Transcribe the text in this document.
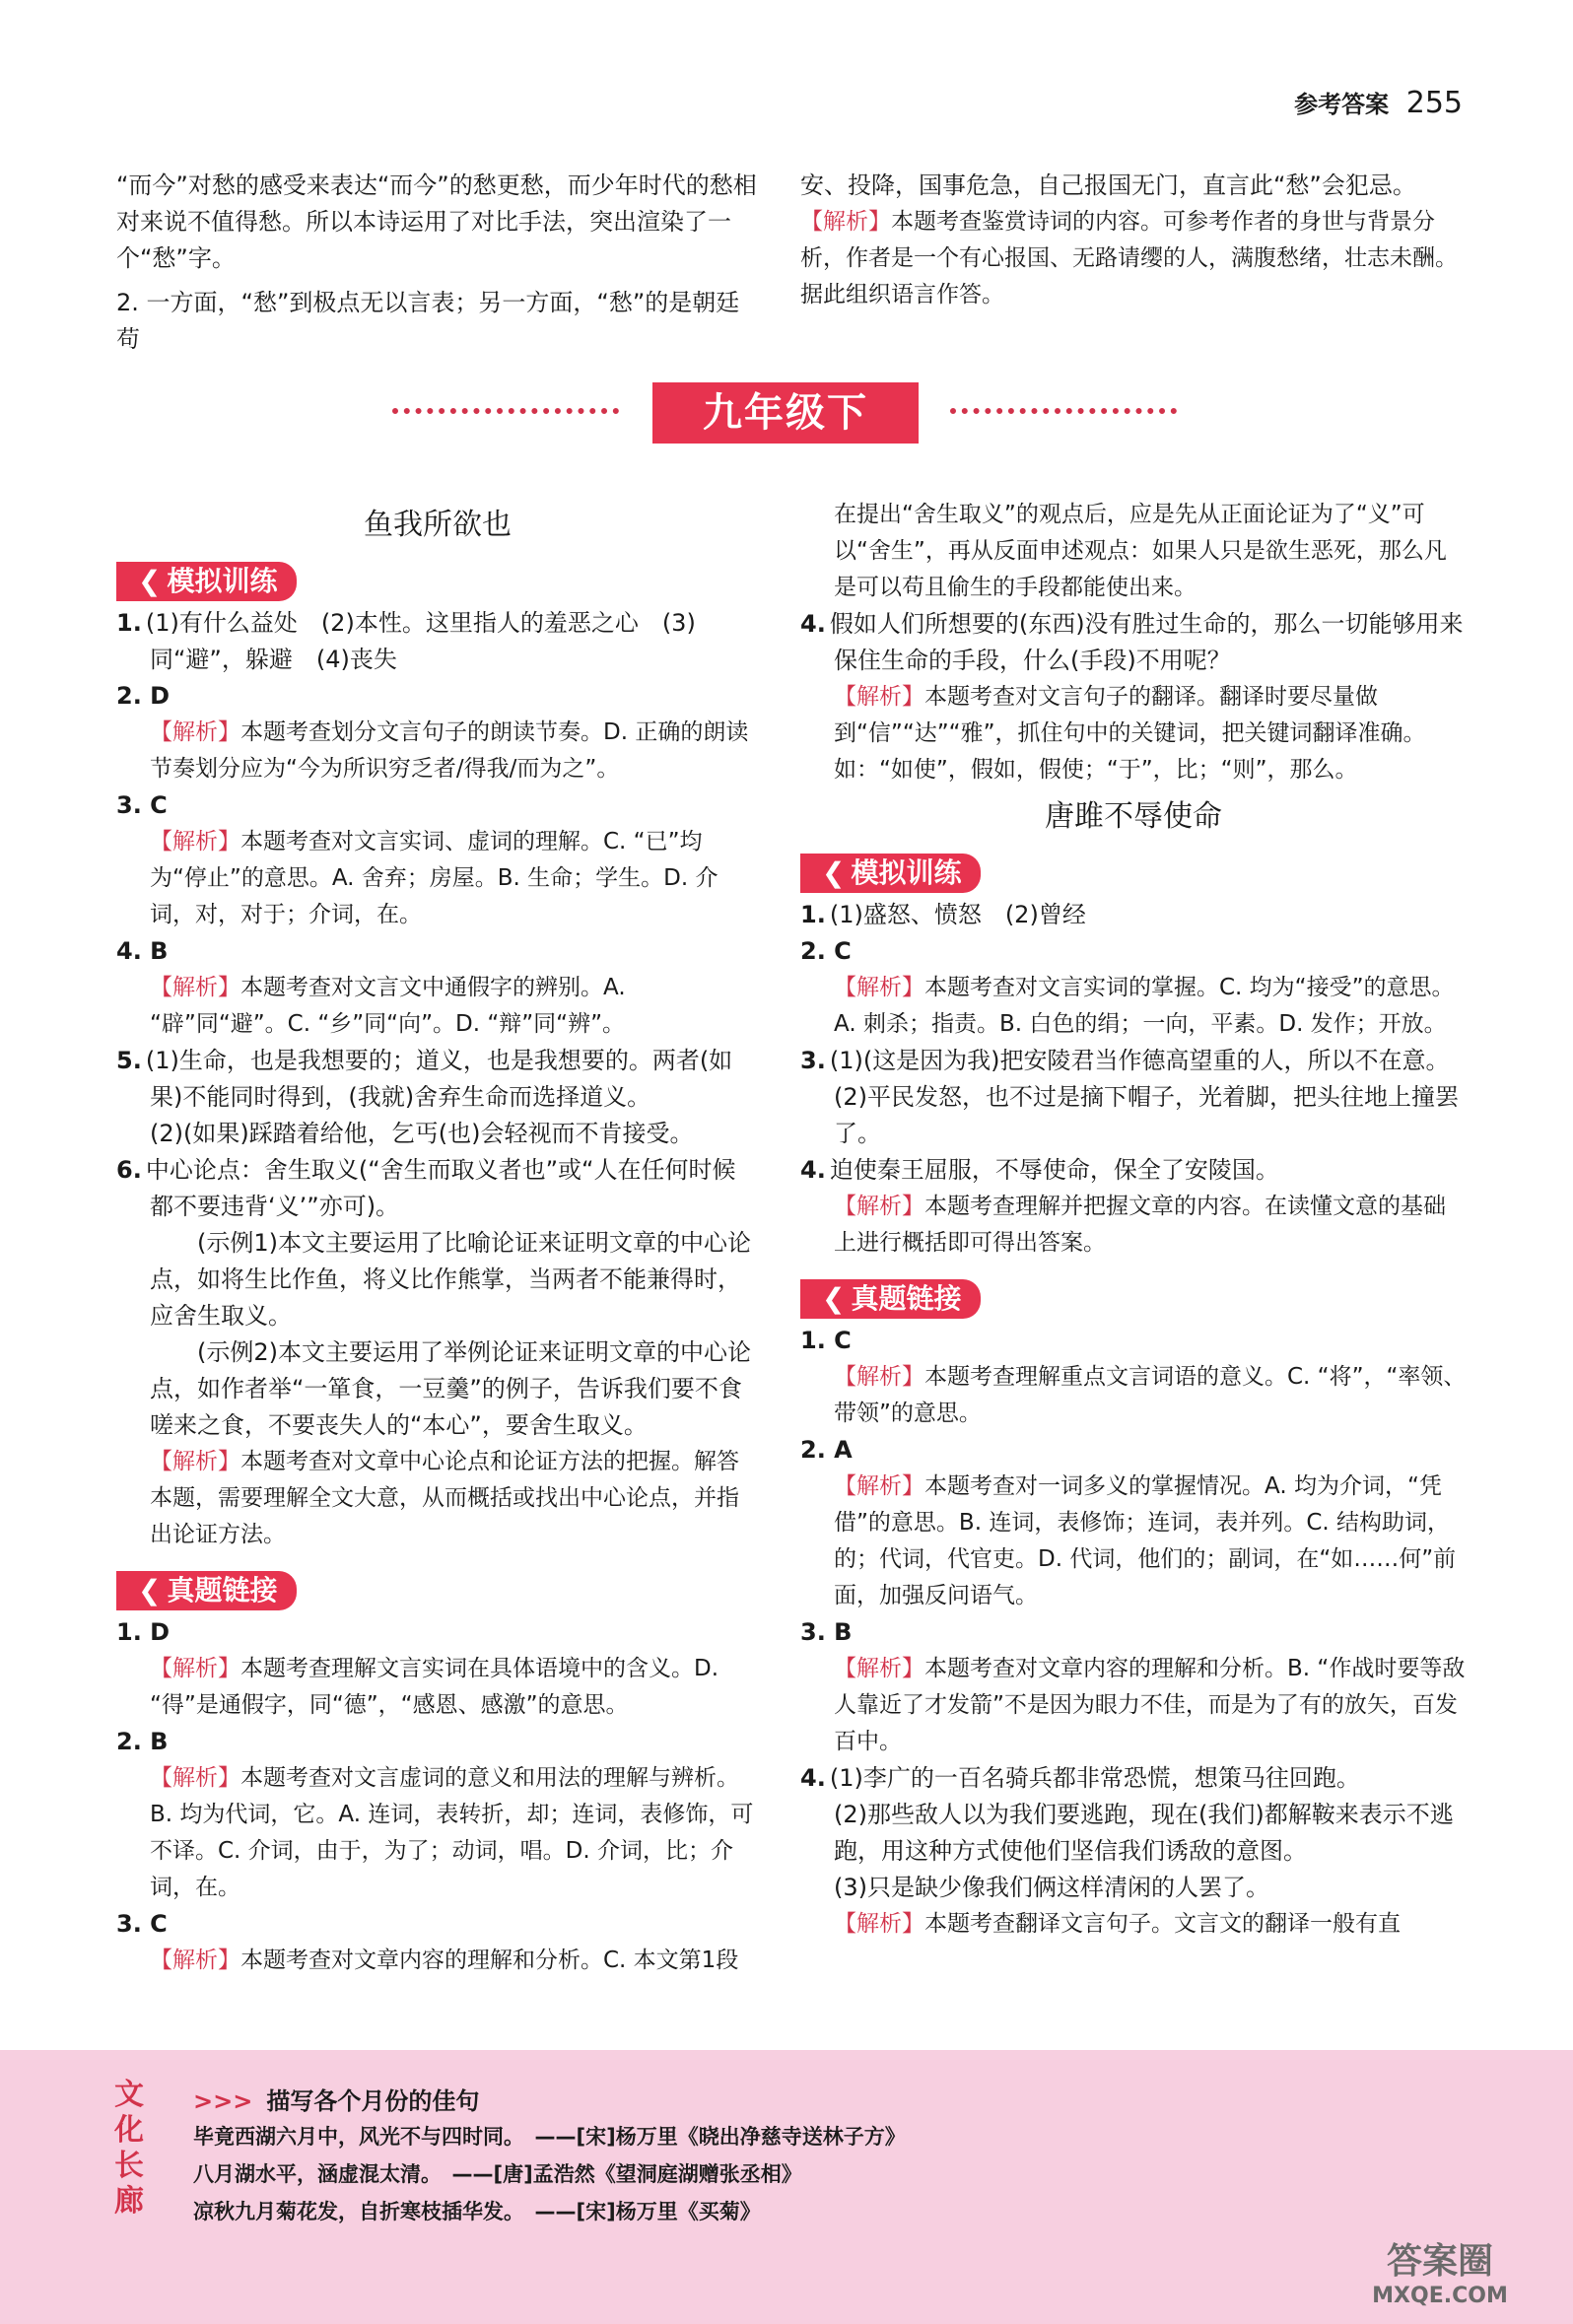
参考答案 255

“而今”对愁的感受来表达“而今”的愁更愁，而少年时代的愁相对来说不值得愁。所以本诗运用了对比手法，突出渲染了一个“愁”字。

2. 一方面，“愁”到极点无以言表；另一方面，“愁”的是朝廷苟

安、投降，国事危急，自己报国无门，直言此“愁”会犯忌。

【解析】本题考查鉴赏诗词的内容。可参考作者的身世与背景分析，作者是一个有心报国、无路请缨的人，满腹愁绪，壮志未酬。据此组织语言作答。

九年级下
鱼我所欲也
❮ 模拟训练

1. (1)有什么益处　(2)本性。这里指人的羞恶之心　(3)同“避”，躲避　(4)丧失

2. D

【解析】本题考查划分文言句子的朗读节奏。D. 正确的朗读节奏划分应为“今为所识穷乏者/得我/而为之”。

3. C

【解析】本题考查对文言实词、虚词的理解。C. “已”均为“停止”的意思。A. 舍弃；房屋。B. 生命；学生。D. 介词，对，对于；介词，在。

4. B

【解析】本题考查对文言文中通假字的辨别。A. “辟”同“避”。C. “乡”同“向”。D. “辩”同“辨”。

5. (1)生命，也是我想要的；道义，也是我想要的。两者(如果)不能同时得到，(我就)舍弃生命而选择道义。

(2)(如果)踩踏着给他，乞丐(也)会轻视而不肯接受。

6. 中心论点：舍生取义(“舍生而取义者也”或“人在任何时候都不要违背‘义’”亦可)。

(示例1)本文主要运用了比喻论证来证明文章的中心论点，如将生比作鱼，将义比作熊掌，当两者不能兼得时，应舍生取义。

(示例2)本文主要运用了举例论证来证明文章的中心论点，如作者举“一箪食，一豆羹”的例子，告诉我们要不食嗟来之食，不要丧失人的“本心”，要舍生取义。

【解析】本题考查对文章中心论点和论证方法的把握。解答本题，需要理解全文大意，从而概括或找出中心论点，并指出论证方法。

❮ 真题链接

1. D

【解析】本题考查理解文言实词在具体语境中的含义。D. “得”是通假字，同“德”，“感恩、感激”的意思。

2. B

【解析】本题考查对文言虚词的意义和用法的理解与辨析。B. 均为代词，它。A. 连词，表转折，却；连词，表修饰，可不译。C. 介词，由于，为了；动词，唱。D. 介词，比；介词，在。

3. C

【解析】本题考查对文章内容的理解和分析。C. 本文第1段

在提出“舍生取义”的观点后，应是先从正面论证为了“义”可以“舍生”，再从反面申述观点：如果人只是欲生恶死，那么凡是可以苟且偷生的手段都能使出来。

4. 假如人们所想要的(东西)没有胜过生命的，那么一切能够用来保住生命的手段，什么(手段)不用呢？

【解析】本题考查对文言句子的翻译。翻译时要尽量做到“信”“达”“雅”，抓住句中的关键词，把关键词翻译准确。如：“如使”，假如，假使；“于”，比；“则”，那么。

唐雎不辱使命
❮ 模拟训练

1. (1)盛怒、愤怒　(2)曾经

2. C

【解析】本题考查对文言实词的掌握。C. 均为“接受”的意思。A. 刺杀；指责。B. 白色的绢；一向，平素。D. 发作；开放。

3. (1)(这是因为我)把安陵君当作德高望重的人，所以不在意。

(2)平民发怒，也不过是摘下帽子，光着脚，把头往地上撞罢了。

4. 迫使秦王屈服，不辱使命，保全了安陵国。

【解析】本题考查理解并把握文章的内容。在读懂文意的基础上进行概括即可得出答案。

❮ 真题链接

1. C

【解析】本题考查理解重点文言词语的意义。C. “将”，“率领、带领”的意思。

2. A

【解析】本题考查对一词多义的掌握情况。A. 均为介词，“凭借”的意思。B. 连词，表修饰；连词，表并列。C. 结构助词，的；代词，代官吏。D. 代词，他们的；副词，在“如……何”前面，加强反问语气。

3. B

【解析】本题考查对文章内容的理解和分析。B. “作战时要等敌人靠近了才发箭”不是因为眼力不佳，而是为了有的放矢，百发百中。

4. (1)李广的一百名骑兵都非常恐慌，想策马往回跑。

(2)那些敌人以为我们要逃跑，现在(我们)都解鞍来表示不逃跑，用这种方式使他们坚信我们诱敌的意图。

(3)只是缺少像我们俩这样清闲的人罢了。

【解析】本题考查翻译文言句子。文言文的翻译一般有直

文化长廊
>>> 描写各个月份的佳句
毕竟西湖六月中，风光不与四时同。　——[宋]杨万里《晓出净慈寺送林子方》
八月湖水平，涵虚混太清。　——[唐]孟浩然《望洞庭湖赠张丞相》
凉秋九月菊花发，自折寒枝插华发。　——[宋]杨万里《买菊》
答案圈
MXQE.COM
